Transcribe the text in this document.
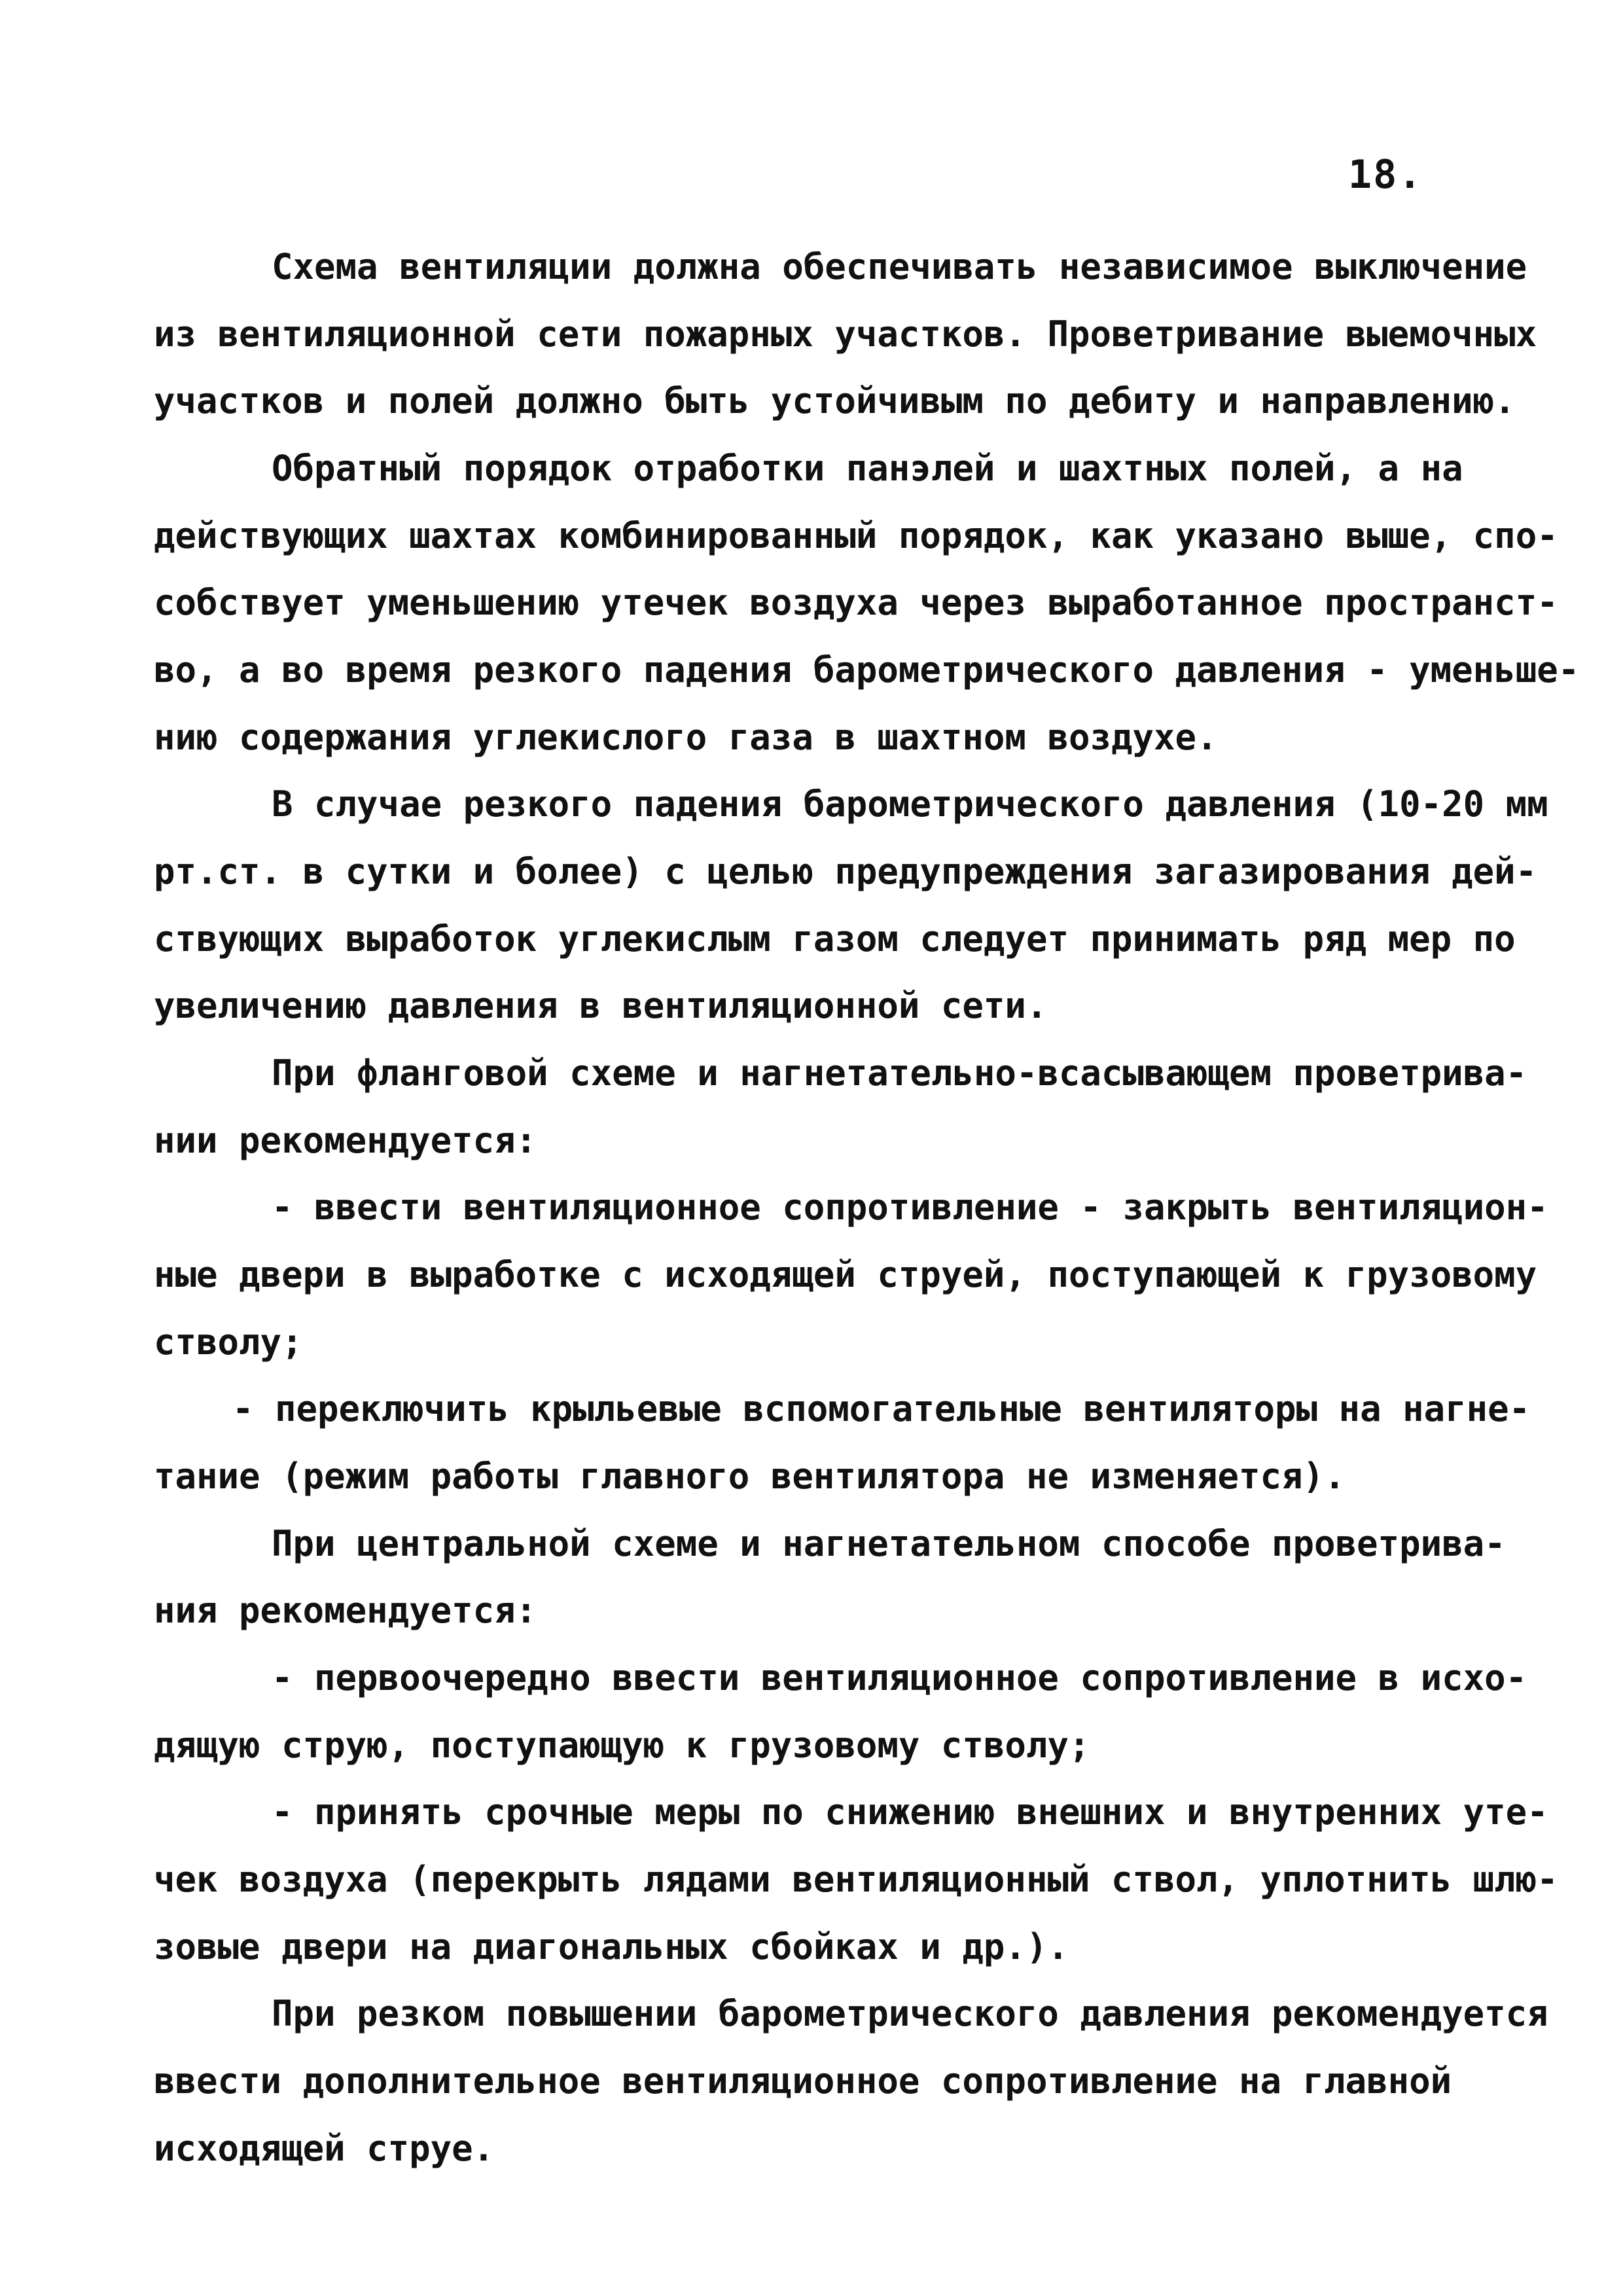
18.
Схема вентиляции должна обеспечивать независимое выключение
из вентиляционной сети пожарных участков. Проветривание выемочных
участков и полей должно быть устойчивым по дебиту и направлению.
Обратный порядок отработки панэлей и шахтных полей, а на
действующих шахтах комбинированный порядок, как указано выше, спо-
собствует уменьшению утечек воздуха через выработанное пространст-
во, а во время резкого падения барометрического давления - уменьше-
нию содержания углекислого газа в шахтном воздухе.
В случае резкого падения барометрического давления (10-20 мм
рт.ст. в сутки и более) с целью предупреждения загазирования дей-
ствующих выработок углекислым газом следует принимать ряд мер по
увеличению давления в вентиляционной сети.
При фланговой схеме и нагнетательно-всасывающем проветрива-
нии рекомендуется:
- ввести вентиляционное сопротивление - закрыть вентиляцион-
ные двери в выработке с исходящей струей, поступающей к грузовому
стволу;
- переключить крыльевые вспомогательные вентиляторы на нагне-
тание (режим работы главного вентилятора не изменяется).
При центральной схеме и нагнетательном способе проветрива-
ния рекомендуется:
- первоочередно ввести вентиляционное сопротивление в исхо-
дящую струю, поступающую к грузовому стволу;
- принять срочные меры по снижению внешних и внутренних уте-
чек воздуха (перекрыть лядами вентиляционный ствол, уплотнить шлю-
зовые двери на диагональных сбойках и др.).
При резком повышении барометрического давления рекомендуется
ввести дополнительное вентиляционное сопротивление на главной
исходящей струе.
